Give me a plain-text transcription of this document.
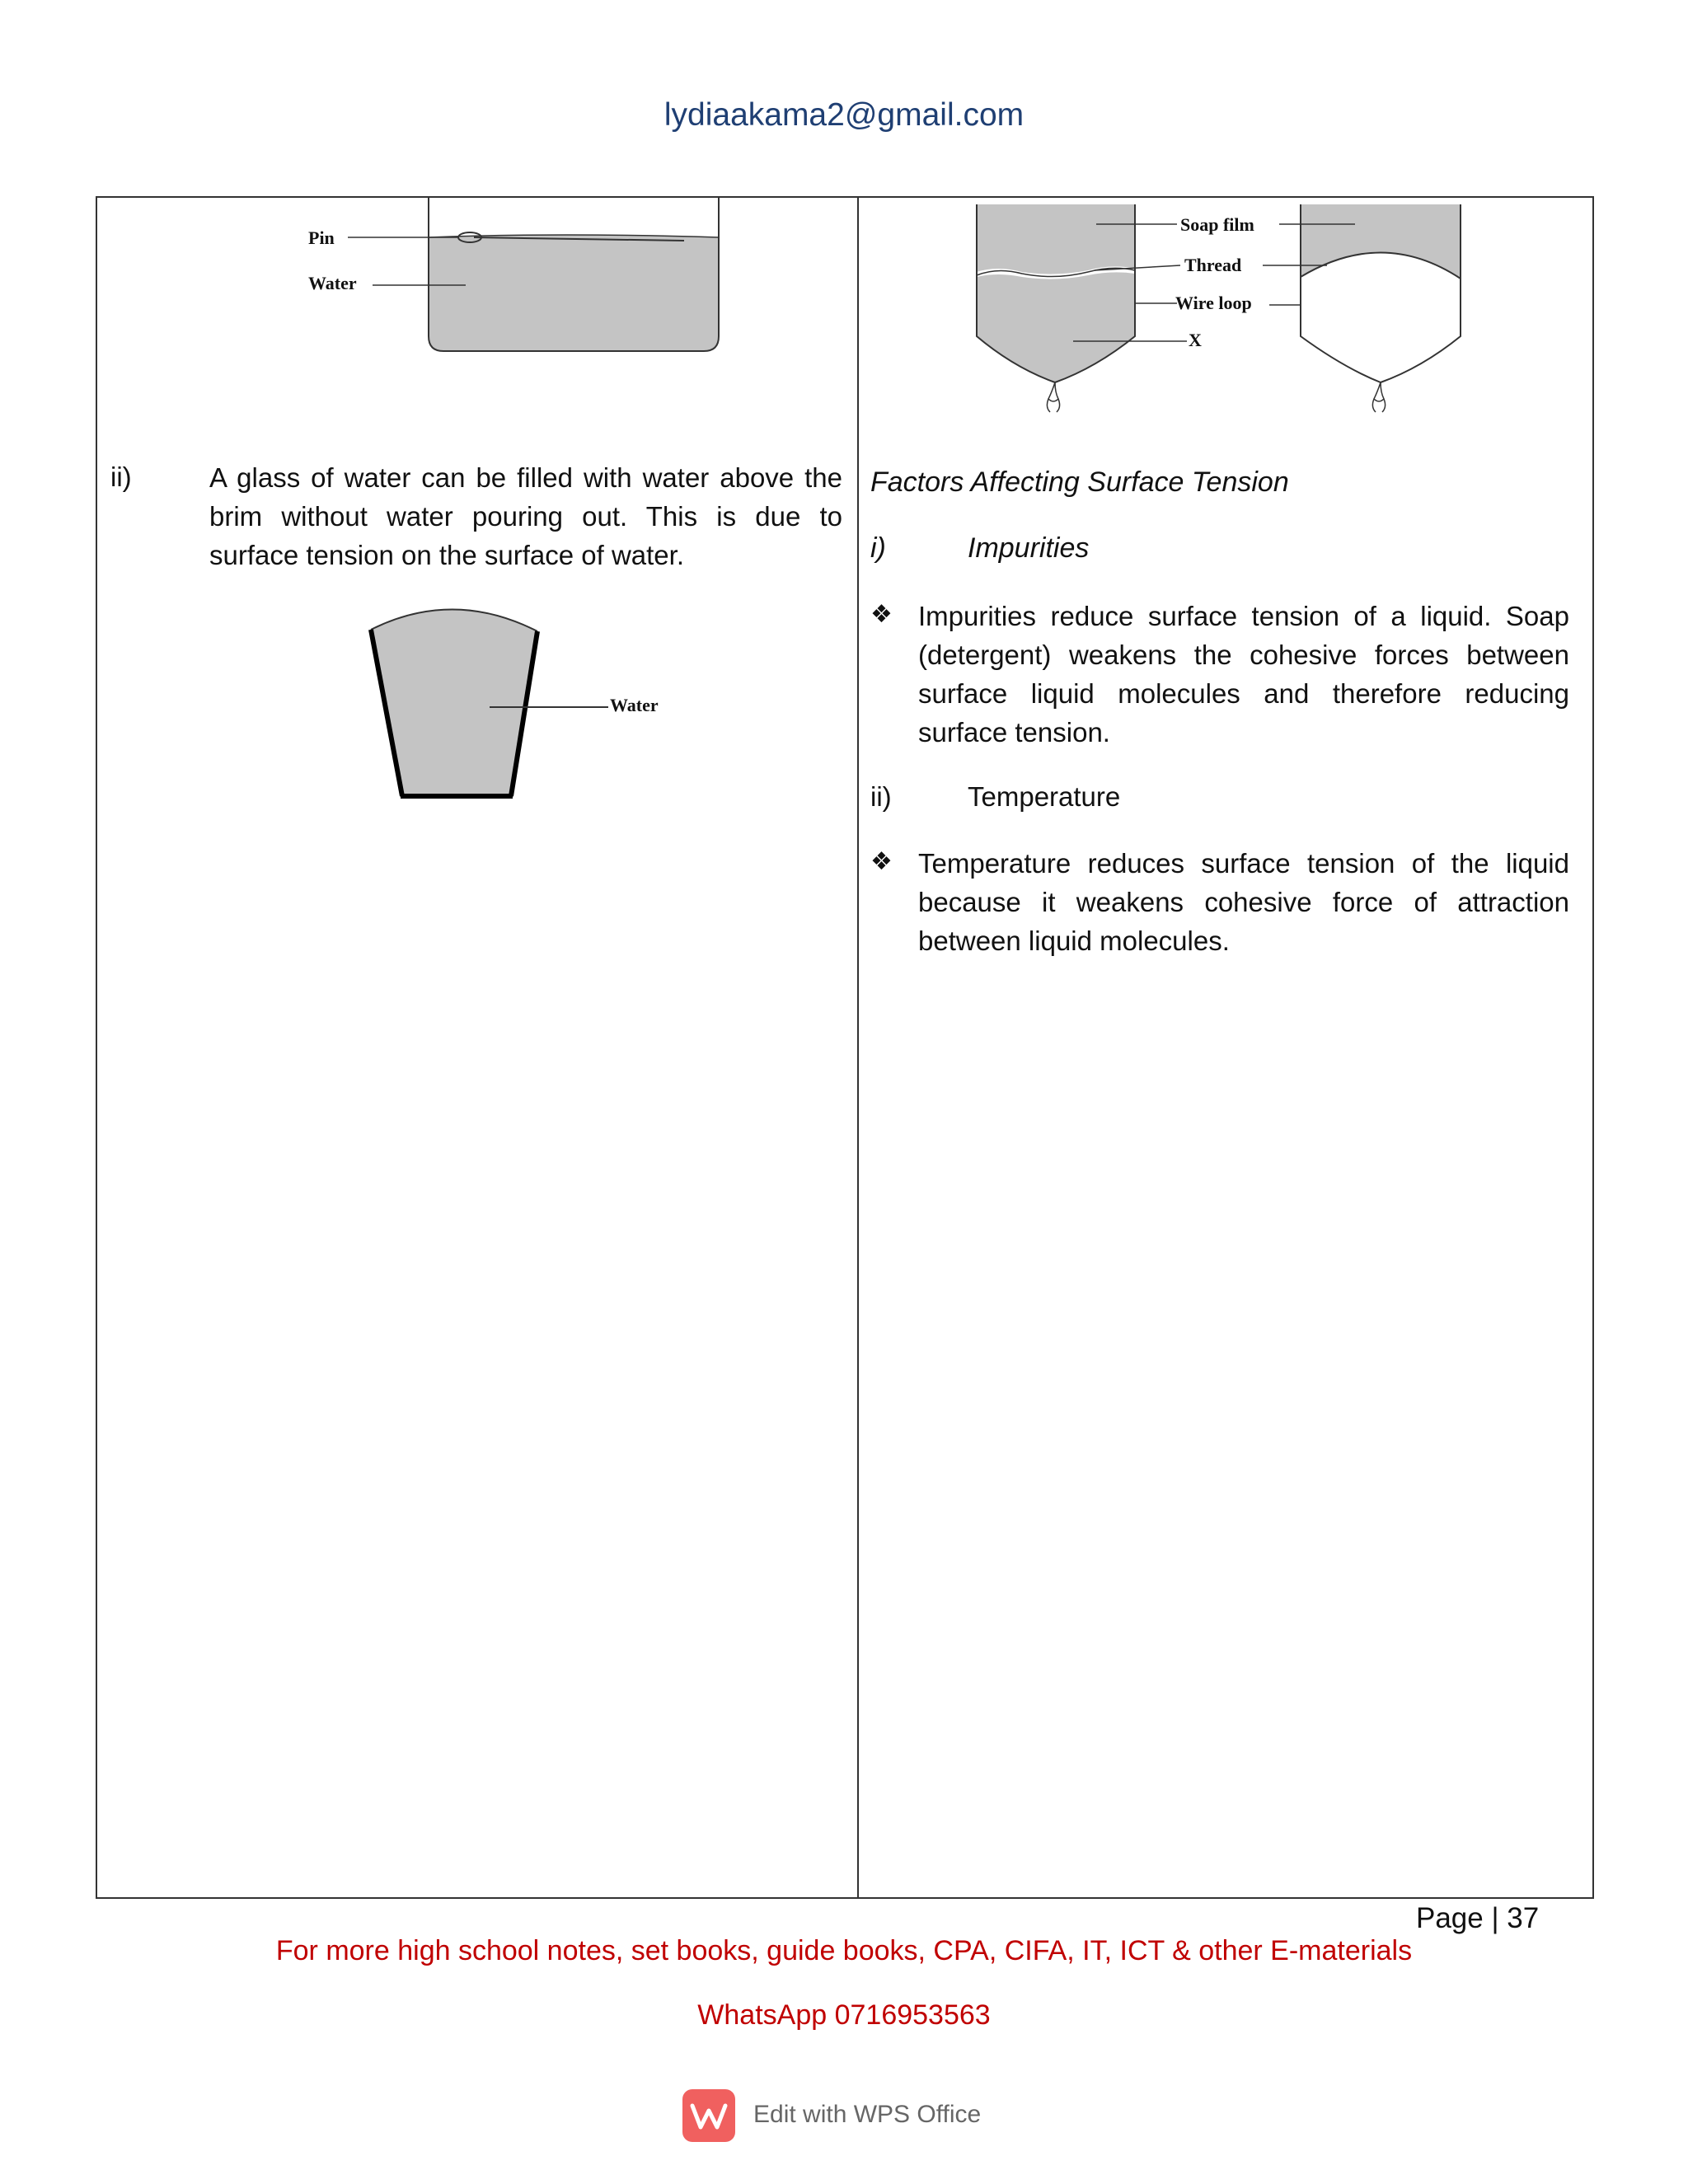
lydiaakama2@gmail.com
Pin
Water
ii)	A glass of water can be filled with water above the brim without water pouring out. This is due to surface tension on the surface of water.
Water
Soap film
Thread
Wire loop
X
Factors Affecting Surface Tension
i)	Impurities
❖ Impurities reduce surface tension of a liquid. Soap (detergent) weakens the cohesive forces between surface liquid molecules and therefore reducing surface tension.
ii)	Temperature
❖ Temperature reduces surface tension of the liquid because it weakens cohesive force of attraction between liquid molecules.
Page | 37
For more high school notes, set books, guide books, CPA, CIFA, IT, ICT & other E-materials
WhatsApp 0716953563
Edit with WPS Office
